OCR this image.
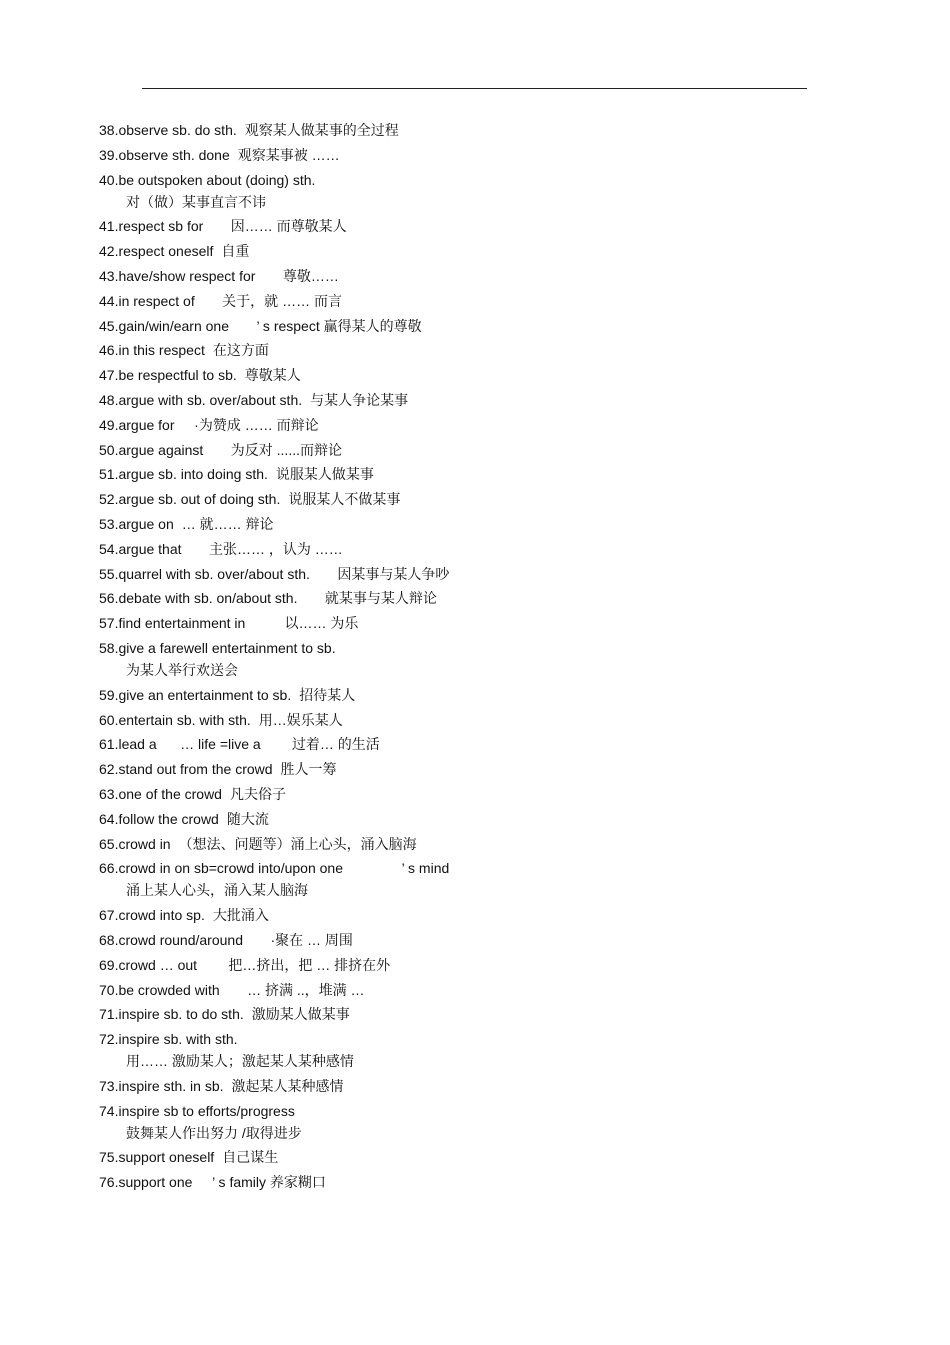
38.observe sb. do sth. 观察某人做某事的全过程
39.observe sth. done 观察某事被 ……
40.be outspoken about (doing) sth.
对（做）某事直言不讳
41.respect sb for     因…… 而尊敬某人
42.respect oneself 自重
43.have/show respect for     尊敬……
44.in respect of     关于，就 …… 而言
45.gain/win/earn one     ’ s respect 赢得某人的尊敬
46.in this respect 在这方面
47.be respectful to sb. 尊敬某人
48.argue with sb. over/about sth. 与某人争论某事
49.argue for   ·为赞成 …… 而辩论
50.argue against     为反对 ......而辩论
51.argue sb. into doing sth. 说服某人做某事
52.argue sb. out of doing sth. 说服某人不做某事
53.argue on … 就…… 辩论
54.argue that     主张…… ，认为 ……
55.quarrel with sb. over/about sth.     因某事与某人争吵
56.debate with sb. on/about sth.     就某事与某人辩论
57.find entertainment in        以…… 为乐
58.give a farewell entertainment to sb.
为某人举行欢送会
59.give an entertainment to sb. 招待某人
60.entertain sb. with sth. 用…娱乐某人
61.lead a    … life =live a        过着… 的生活
62.stand out from the crowd 胜人一筹
63.one of the crowd 凡夫俗子
64.follow the crowd 随大流
65.crowd in （想法、问题等）涌上心头，涌入脑海
66.crowd in on sb=crowd into/upon one             ’ s mind
涌上某人心头，涌入某人脑海
67.crowd into sp. 大批涌入
68.crowd round/around     ·聚在 … 周围
69.crowd … out      把…挤出，把 … 排挤在外
70.be crowded with     … 挤满 ..，堆满 …
71.inspire sb. to do sth. 激励某人做某事
72.inspire sb. with sth.
用…… 激励某人；激起某人某种感情
73.inspire sth. in sb. 激起某人某种感情
74.inspire sb to efforts/progress
鼓舞某人作出努力 /取得进步
75.support oneself 自己谋生
76.support one   ’ s family 养家糊口
